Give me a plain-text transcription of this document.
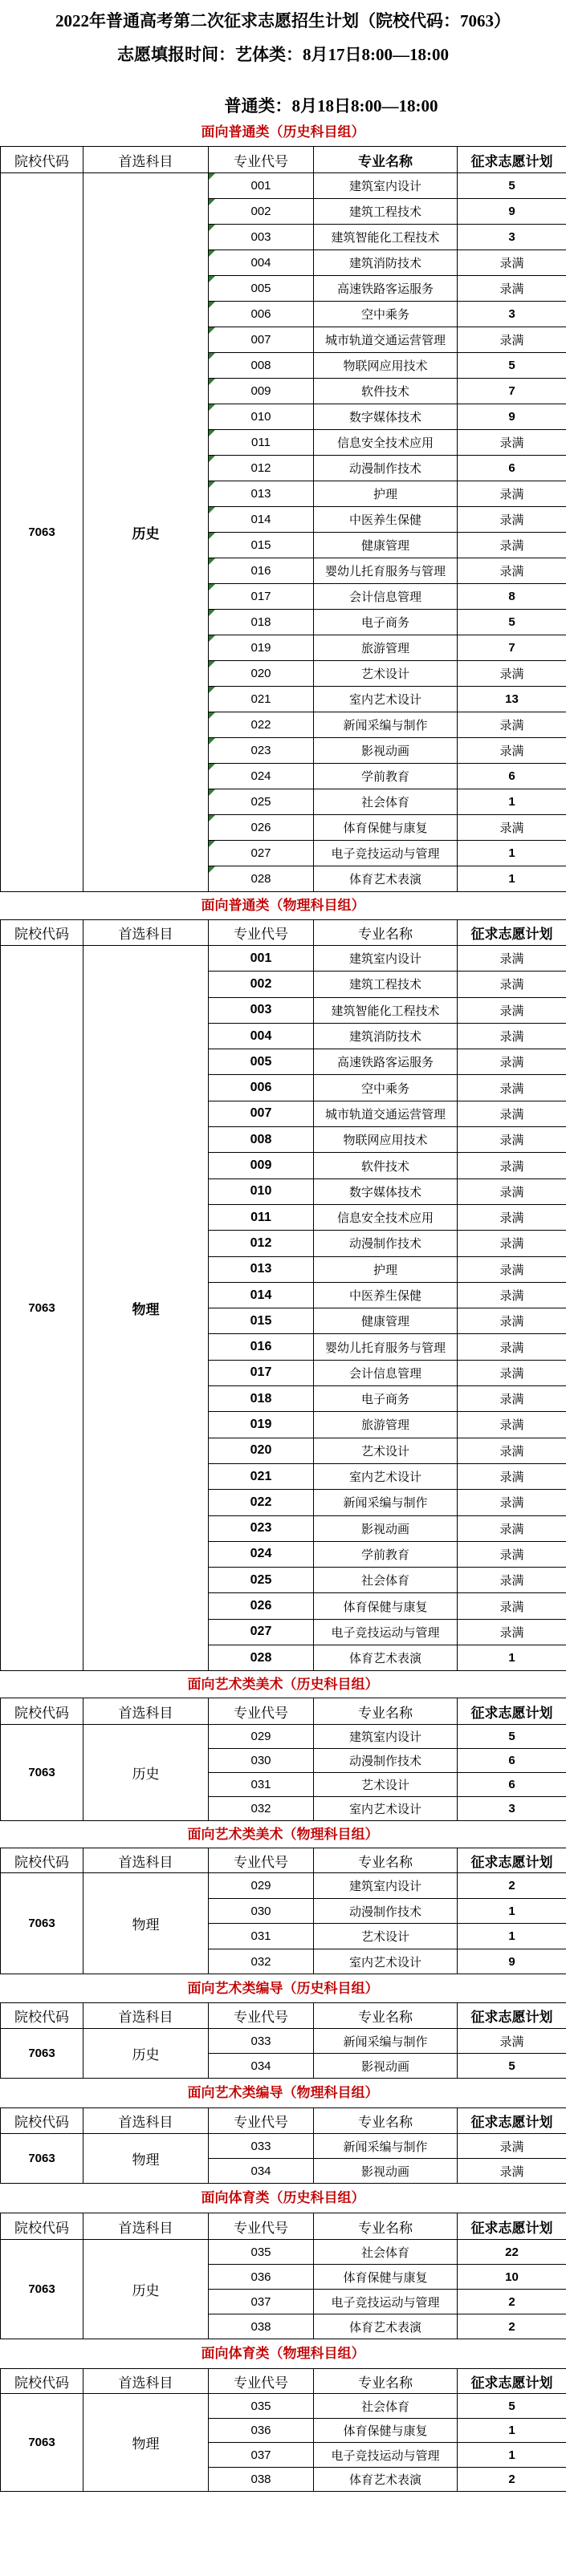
2022年普通高考第二次征求志愿招生计划（院校代码：7063）
志愿填报时间：艺体类：8月17日8:00—18:00
普通类：8月18日8:00—18:00
面向普通类（历史科目组）
院校代码	首选科目	专业代号	专业名称	征求志愿计划
7063	历史	001	建筑室内设计	5
		002	建筑工程技术	9
		003	建筑智能化工程技术	3
		004	建筑消防技术	录满
		005	高速铁路客运服务	录满
		006	空中乘务	3
		007	城市轨道交通运营管理	录满
		008	物联网应用技术	5
		009	软件技术	7
		010	数字媒体技术	9
		011	信息安全技术应用	录满
		012	动漫制作技术	6
		013	护理	录满
		014	中医养生保健	录满
		015	健康管理	录满
		016	婴幼儿托育服务与管理	录满
		017	会计信息管理	8
		018	电子商务	5
		019	旅游管理	7
		020	艺术设计	录满
		021	室内艺术设计	13
		022	新闻采编与制作	录满
		023	影视动画	录满
		024	学前教育	6
		025	社会体育	1
		026	体育保健与康复	录满
		027	电子竞技运动与管理	1
		028	体育艺术表演	1
面向普通类（物理科目组）
院校代码	首选科目	专业代号	专业名称	征求志愿计划
7063	物理	001	建筑室内设计	录满
		002	建筑工程技术	录满
		003	建筑智能化工程技术	录满
		004	建筑消防技术	录满
		005	高速铁路客运服务	录满
		006	空中乘务	录满
		007	城市轨道交通运营管理	录满
		008	物联网应用技术	录满
		009	软件技术	录满
		010	数字媒体技术	录满
		011	信息安全技术应用	录满
		012	动漫制作技术	录满
		013	护理	录满
		014	中医养生保健	录满
		015	健康管理	录满
		016	婴幼儿托育服务与管理	录满
		017	会计信息管理	录满
		018	电子商务	录满
		019	旅游管理	录满
		020	艺术设计	录满
		021	室内艺术设计	录满
		022	新闻采编与制作	录满
		023	影视动画	录满
		024	学前教育	录满
		025	社会体育	录满
		026	体育保健与康复	录满
		027	电子竞技运动与管理	录满
		028	体育艺术表演	1
面向艺术类美术（历史科目组）
院校代码	首选科目	专业代号	专业名称	征求志愿计划
7063	历史	029	建筑室内设计	5
		030	动漫制作技术	6
		031	艺术设计	6
		032	室内艺术设计	3
面向艺术类美术（物理科目组）
院校代码	首选科目	专业代号	专业名称	征求志愿计划
7063	物理	029	建筑室内设计	2
		030	动漫制作技术	1
		031	艺术设计	1
		032	室内艺术设计	9
面向艺术类编导（历史科目组）
院校代码	首选科目	专业代号	专业名称	征求志愿计划
7063	历史	033	新闻采编与制作	录满
		034	影视动画	5
面向艺术类编导（物理科目组）
院校代码	首选科目	专业代号	专业名称	征求志愿计划
7063	物理	033	新闻采编与制作	录满
		034	影视动画	录满
面向体育类（历史科目组）
院校代码	首选科目	专业代号	专业名称	征求志愿计划
7063	历史	035	社会体育	22
		036	体育保健与康复	10
		037	电子竞技运动与管理	2
		038	体育艺术表演	2
面向体育类（物理科目组）
院校代码	首选科目	专业代号	专业名称	征求志愿计划
7063	物理	035	社会体育	5
		036	体育保健与康复	1
		037	电子竞技运动与管理	1
		038	体育艺术表演	2
